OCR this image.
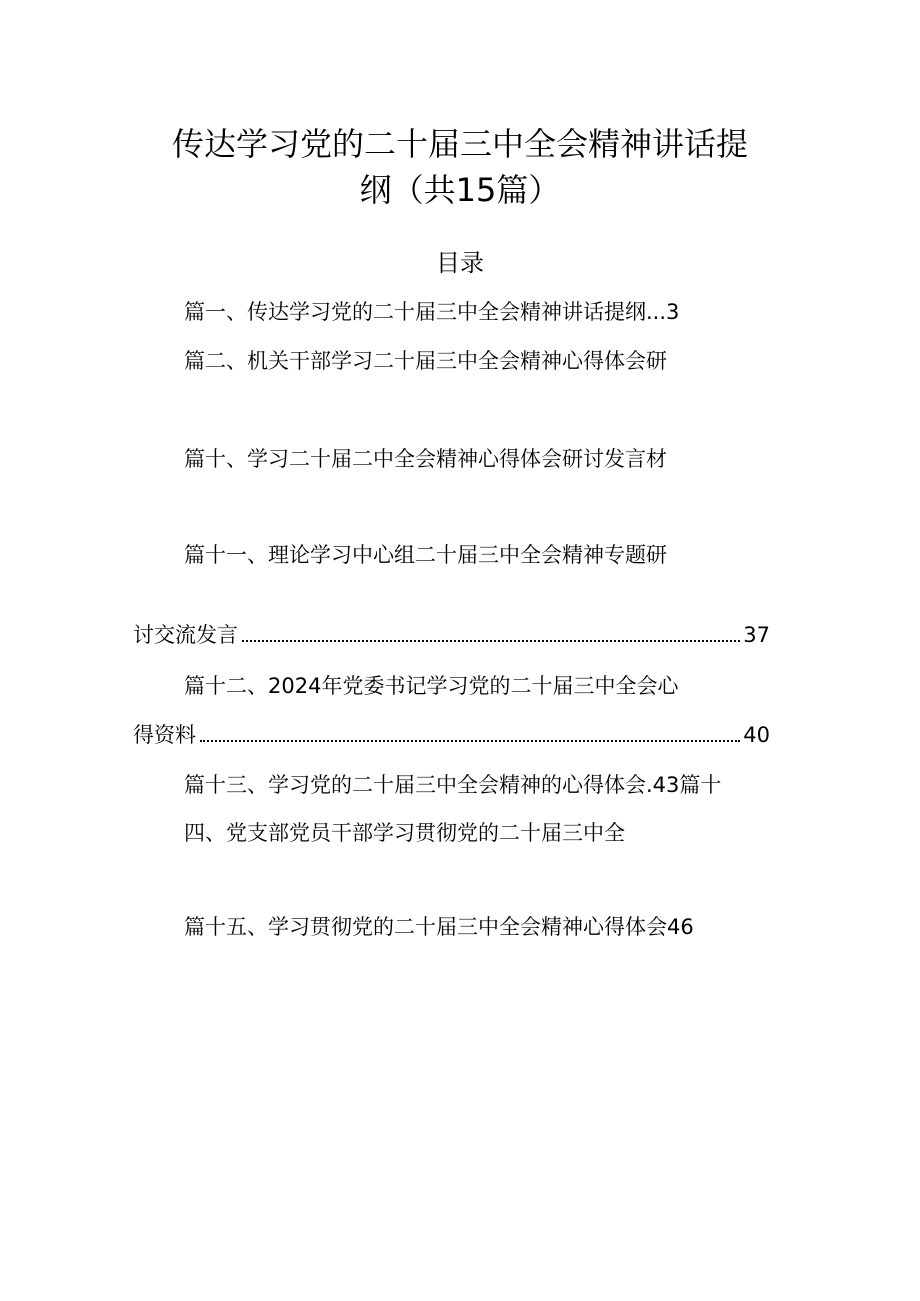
传达学习党的二十届三中全会精神讲话提
纲（共15篇）
目录
篇一、传达学习党的二十届三中全会精神讲话提纲...3
篇二、机关干部学习二十届三中全会精神心得体会研
篇十、学习二十届二中全会精神心得体会研讨发言材
篇十一、理论学习中心组二十届三中全会精神专题研
讨交流发言	37
篇十二、2024年党委书记学习党的二十届三中全会心
得资料	40
篇十三、学习党的二十届三中全会精神的心得体会.43篇十
四、党支部党员干部学习贯彻党的二十届三中全
篇十五、学习贯彻党的二十届三中全会精神心得体会46
